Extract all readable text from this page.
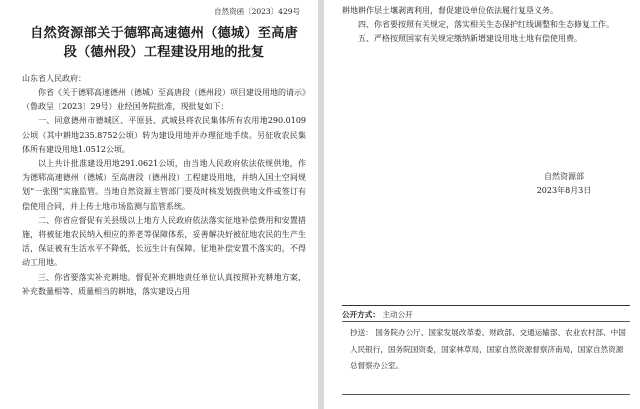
自然资函〔2023〕429号
自然资源部关于德郓高速德州（德城）至高唐
段（德州段）工程建设用地的批复
山东省人民政府：

你省《关于德郓高速德州（德城）至高唐段（德州段）项目建设用地的请示》（鲁政呈〔2023〕29号）业经国务院批准，现批复如下：

一、同意德州市德城区、平原县、武城县将农民集体所有农用地290.0109公顷（其中耕地235.8752公顷）转为建设用地并办理征地手续。另征收农民集体所有建设用地1.0512公顷。

以上共计批准建设用地291.0621公顷，由当地人民政府依法依规供地，作为德郓高速德州（德城）至高唐段（德州段）工程建设用地，并纳入国土空间规划“一张图”实施监管。当地自然资源主管部门要及时核发划拨供地文件或签订有偿使用合同，并上传土地市场监测与监管系统。

二、你省应督促有关县级以上地方人民政府依法落实征地补偿费用和安置措施，将被征地农民纳入相应的养老等保障体系，妥善解决好被征地农民的生产生活，保证被有生活水平不降低，长远生计有保障。征地补偿安置不落实的，不得动工用地。

三、你省要落实补充耕地。督促补充耕地责任单位认真按照补充耕地方案，补充数量相等、质量相当的耕地，落实建设占用

耕地耕作层土壤剥离利用，督促建设单位依法履行复垦义务。

四、你省要按照有关规定，落实相关生态保护红线调整和生态修复工作。

五、严格按照国家有关规定缴纳新增建设用地土地有偿使用费。

自然资源部
2023年8月3日
公开方式： 主动公开
抄送： 国务院办公厅、国家发展改革委、财政部、交通运输部、农业农村部、中国人民银行，国务院国资委，国家林草局，国家自然资源督察济南局，国家自然资源总督察办公室。
